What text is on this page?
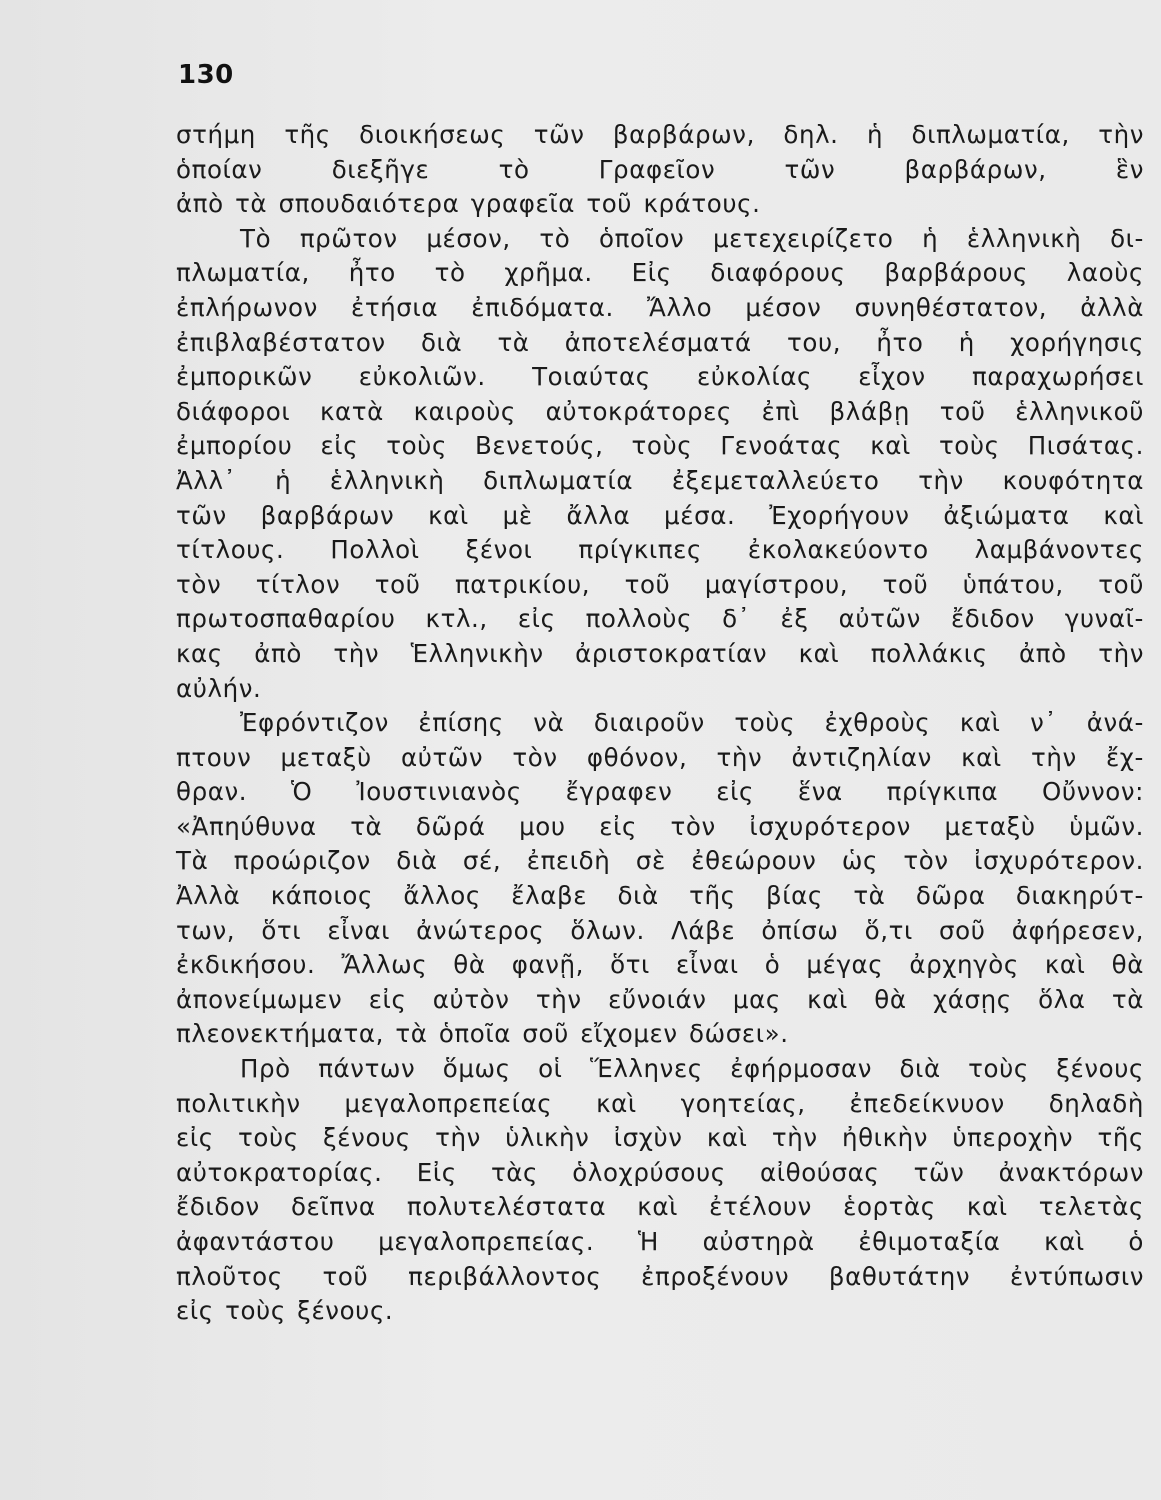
130
στήμη τῆς διοικήσεως τῶν βαρβάρων, δηλ. ἡ διπλωματία, τὴν
ὁποίαν διεξῆγε τὸ Γραφεῖον τῶν βαρβάρων, ἓν
ἀπὸ τὰ σπουδαιότερα γραφεῖα τοῦ κράτους.
Τὸ πρῶτον μέσον, τὸ ὁποῖον μετεχειρίζετο ἡ ἑλληνικὴ δι-
πλωματία, ἦτο τὸ χρῆμα. Εἰς διαφόρους βαρβάρους λαοὺς
ἐπλήρωνον ἐτήσια ἐπιδόματα. Ἄλλο μέσον συνηθέστατον, ἀλλὰ
ἐπιβλαβέστατον διὰ τὰ ἀποτελέσματά του, ἦτο ἡ χορήγησις
ἐμπορικῶν εὐκολιῶν. Τοιαύτας εὐκολίας εἶχον παραχωρήσει
διάφοροι κατὰ καιροὺς αὐτοκράτορες ἐπὶ βλάβῃ τοῦ ἑλληνικοῦ
ἐμπορίου εἰς τοὺς Βενετούς, τοὺς Γενοάτας καὶ τοὺς Πισάτας.
Ἀλλ᾿ ἡ ἑλληνικὴ διπλωματία ἐξεμεταλλεύετο τὴν κουφότητα
τῶν βαρβάρων καὶ μὲ ἄλλα μέσα. Ἐχορήγουν ἀξιώματα καὶ
τίτλους. Πολλοὶ ξένοι πρίγκιπες ἐκολακεύοντο λαμβάνοντες
τὸν τίτλον τοῦ πατρικίου, τοῦ μαγίστρου, τοῦ ὑπάτου, τοῦ
πρωτοσπαθαρίου κτλ., εἰς πολλοὺς δ᾿ ἐξ αὐτῶν ἔδιδον γυναῖ-
κας ἀπὸ τὴν Ἑλληνικὴν ἀριστοκρατίαν καὶ πολλάκις ἀπὸ τὴν
αὐλήν.
Ἐφρόντιζον ἐπίσης νὰ διαιροῦν τοὺς ἐχθροὺς καὶ ν᾿ ἀνά-
πτουν μεταξὺ αὐτῶν τὸν φθόνον, τὴν ἀντιζηλίαν καὶ τὴν ἔχ-
θραν. Ὁ Ἰουστινιανὸς ἔγραφεν εἰς ἕνα πρίγκιπα Οὔννον:
«Ἀπηύθυνα τὰ δῶρά μου εἰς τὸν ἰσχυρότερον μεταξὺ ὑμῶν.
Τὰ προώριζον διὰ σέ, ἐπειδὴ σὲ ἐθεώρουν ὡς τὸν ἰσχυρότερον.
Ἀλλὰ κάποιος ἄλλος ἔλαβε διὰ τῆς βίας τὰ δῶρα διακηρύτ-
των, ὅτι εἶναι ἀνώτερος ὅλων. Λάβε ὀπίσω ὅ,τι σοῦ ἀφήρεσεν,
ἐκδικήσου. Ἄλλως θὰ φανῇ, ὅτι εἶναι ὁ μέγας ἀρχηγὸς καὶ θὰ
ἀπονείμωμεν εἰς αὐτὸν τὴν εὔνοιάν μας καὶ θὰ χάσῃς ὅλα τὰ
πλεονεκτήματα, τὰ ὁποῖα σοῦ εἴχομεν δώσει».
Πρὸ πάντων ὅμως οἱ Ἕλληνες ἐφήρμοσαν διὰ τοὺς ξένους
πολιτικὴν μεγαλοπρεπείας καὶ γοητείας, ἐπεδείκνυον δηλαδὴ
εἰς τοὺς ξένους τὴν ὑλικὴν ἰσχὺν καὶ τὴν ἠθικὴν ὑπεροχὴν τῆς
αὐτοκρατορίας. Εἰς τὰς ὁλοχρύσους αἰθούσας τῶν ἀνακτόρων
ἔδιδον δεῖπνα πολυτελέστατα καὶ ἐτέλουν ἑορτὰς καὶ τελετὰς
ἀφαντάστου μεγαλοπρεπείας. Ἡ αὐστηρὰ ἐθιμοταξία καὶ ὁ
πλοῦτος τοῦ περιβάλλοντος ἐπροξένουν βαθυτάτην ἐντύπωσιν
εἰς τοὺς ξένους.
